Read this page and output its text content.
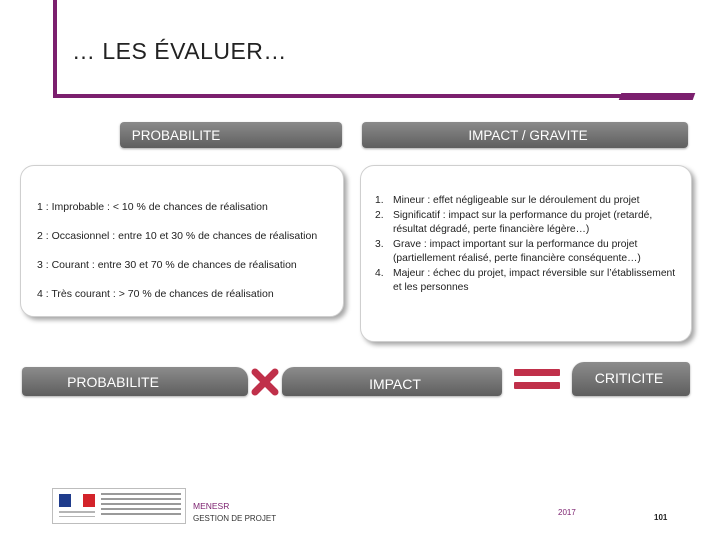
… LES ÉVALUER…
PROBABILITE	IMPACT / GRAVITE
1 : Improbable : < 10 % de chances de réalisation
2 : Occasionnel : entre 10 et 30 % de chances de réalisation
3 : Courant : entre 30 et 70 % de chances de réalisation
4 : Très courant : > 70 % de chances de réalisation
1. Mineur : effet négligeable sur le déroulement du projet
2. Significatif : impact sur la performance du projet (retardé, résultat dégradé, perte financière légère…)
3. Grave : impact important sur la performance du projet (partiellement réalisé, perte financière conséquente…)
4. Majeur : échec du projet, impact réversible sur l’établissement et les personnes
PROBABILITE	IMPACT	CRITICITE
MENESR
GESTION DE PROJET
2017
101
